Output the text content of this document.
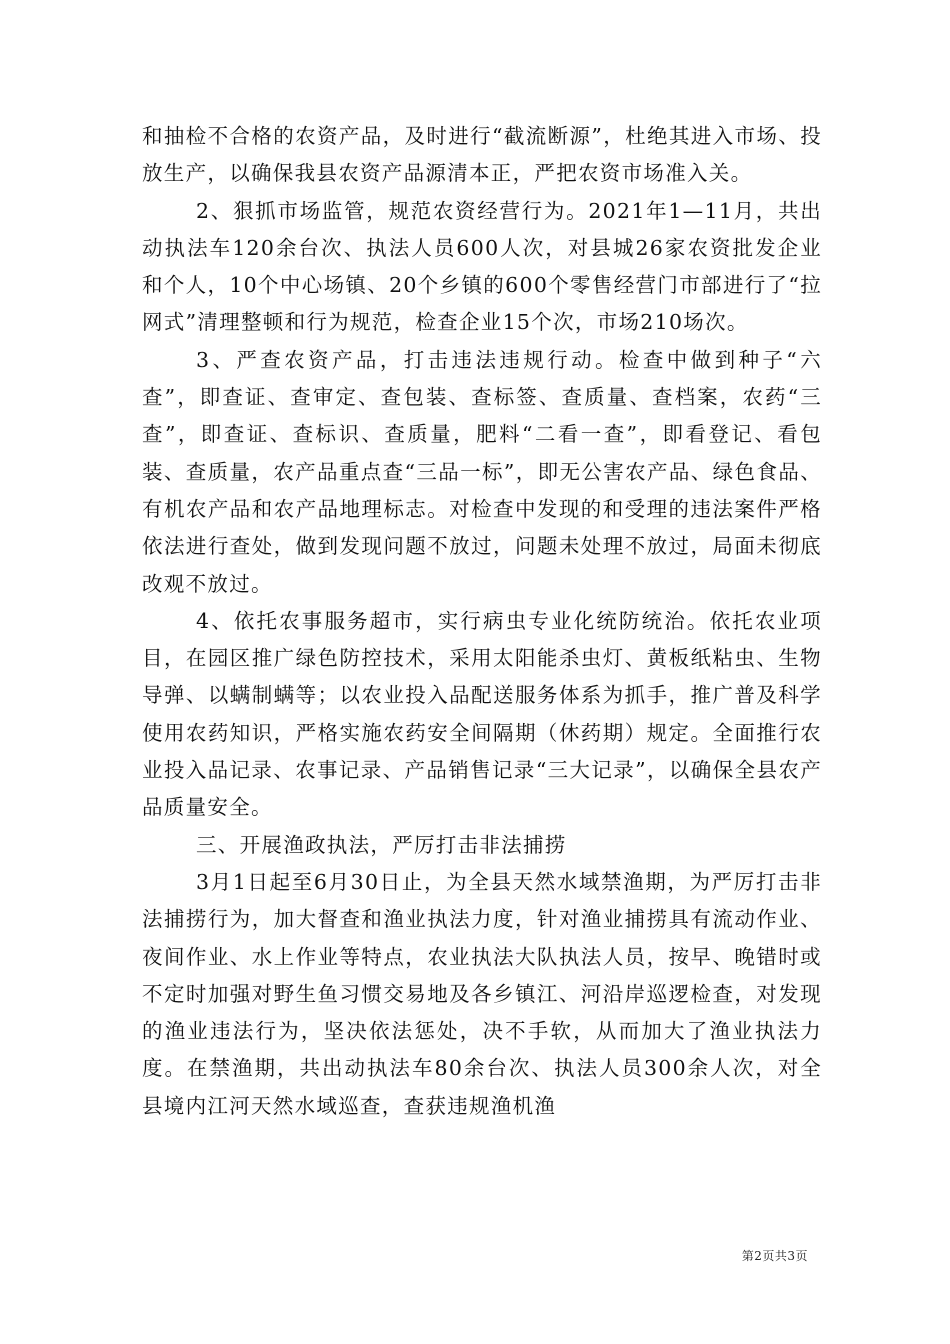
和抽检不合格的农资产品，及时进行“截流断源”，杜绝其进入市场、投放生产，以确保我县农资产品源清本正，严把农资市场准入关。

2、狠抓市场监管，规范农资经营行为。2021年1—11月，共出动执法车120余台次、执法人员600人次，对县城26家农资批发企业和个人，10个中心场镇、20个乡镇的600个零售经营门市部进行了“拉网式”清理整顿和行为规范，检查企业15个次，市场210场次。

3、严查农资产品，打击违法违规行动。检查中做到种子“六查”，即查证、查审定、查包装、查标签、查质量、查档案，农药“三查”，即查证、查标识、查质量，肥料“二看一查”，即看登记、看包装、查质量，农产品重点查“三品一标”，即无公害农产品、绿色食品、有机农产品和农产品地理标志。对检查中发现的和受理的违法案件严格依法进行查处，做到发现问题不放过，问题未处理不放过，局面未彻底改观不放过。

4、依托农事服务超市，实行病虫专业化统防统治。依托农业项目，在园区推广绿色防控技术，采用太阳能杀虫灯、黄板纸粘虫、生物导弹、以螨制螨等；以农业投入品配送服务体系为抓手，推广普及科学使用农药知识，严格实施农药安全间隔期（休药期）规定。全面推行农业投入品记录、农事记录、产品销售记录“三大记录”，以确保全县农产品质量安全。

三、开展渔政执法，严厉打击非法捕捞

3月1日起至6月30日止，为全县天然水域禁渔期，为严厉打击非法捕捞行为，加大督查和渔业执法力度，针对渔业捕捞具有流动作业、夜间作业、水上作业等特点，农业执法大队执法人员，按早、晚错时或不定时加强对野生鱼习惯交易地及各乡镇江、河沿岸巡逻检查，对发现的渔业违法行为，坚决依法惩处，决不手软，从而加大了渔业执法力度。在禁渔期，共出动执法车80余台次、执法人员300余人次，对全县境内江河天然水域巡查，查获违规渔机渔

第2页共3页
